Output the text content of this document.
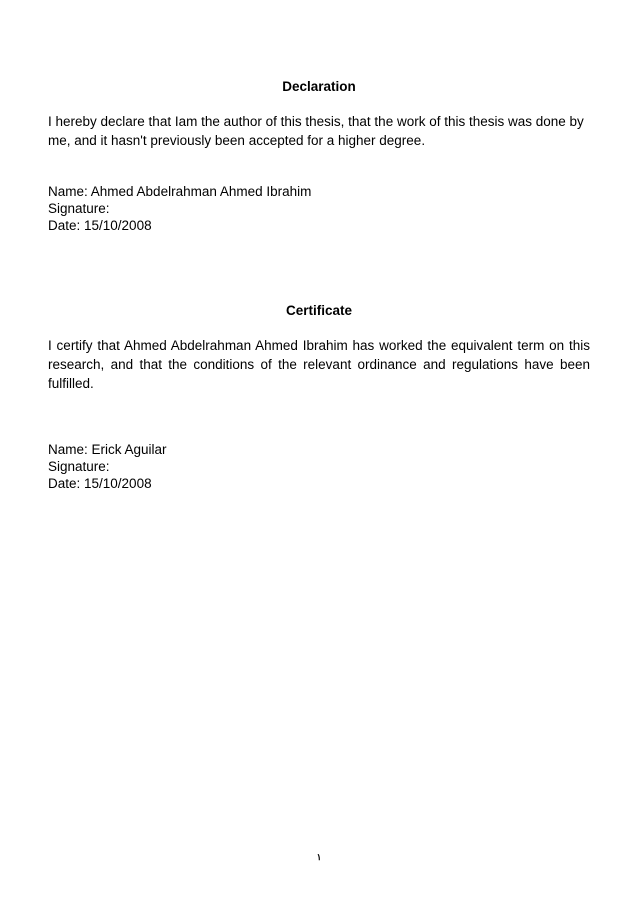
Declaration
I hereby declare that Iam the author of this thesis, that the work of this thesis was done by me, and it hasn't previously been accepted for a higher degree.
Name: Ahmed Abdelrahman Ahmed Ibrahim
Signature:
Date: 15/10/2008
Certificate
I certify that Ahmed Abdelrahman Ahmed Ibrahim has worked the equivalent term on this research, and that the conditions of the relevant ordinance and regulations have been fulfilled.
Name: Erick Aguilar
Signature:
Date: 15/10/2008
١
